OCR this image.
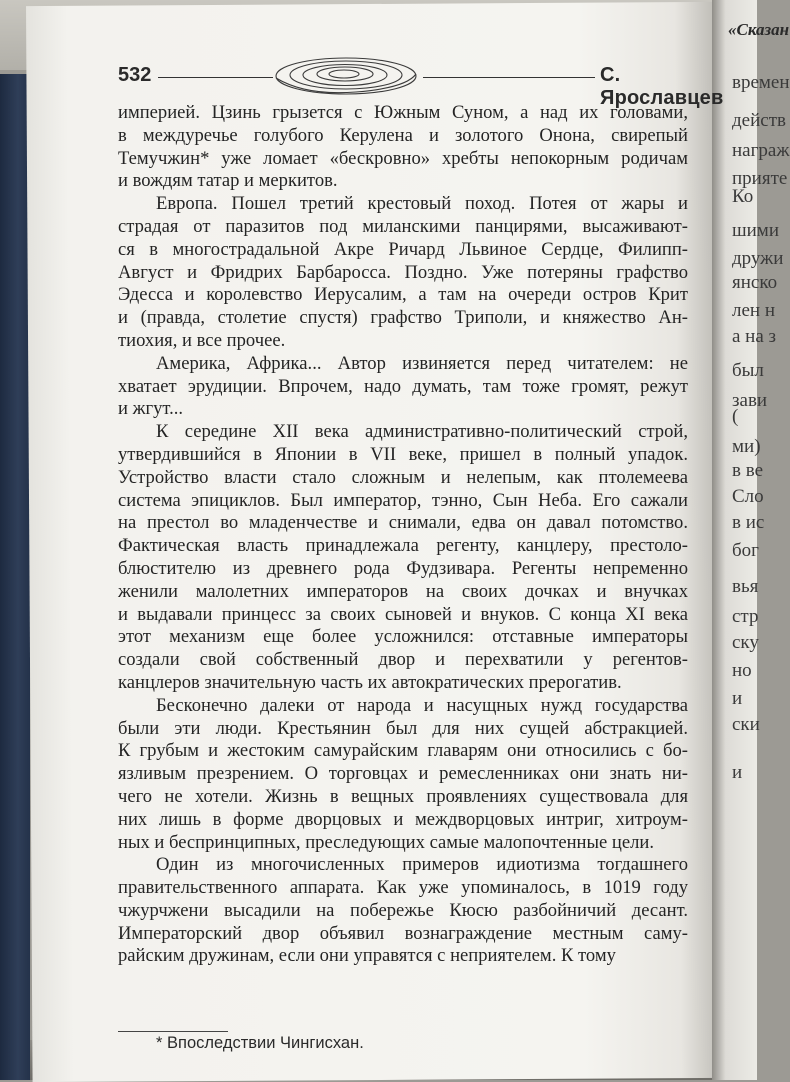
«Сказан
времен
действ
награж
прияте
Ко
шими
дружи
янско
лен н
а на з
был
зави
(
ми)
в ве
Сло
в ис
бог
вья
стр
ску
но
и
ски
и
532	С. Ярославцев
империей. Цзинь грызется с Южным Суном, а над их головами,
в междуречье голубого Керулена и золотого Онона, свирепый
Темучжин* уже ломает «бескровно» хребты непокорным родичам
и вождям татар и меркитов.
Европа. Пошел третий крестовый поход. Потея от жары и
страдая от паразитов под миланскими панцирями, высаживают-
ся в многострадальной Акре Ричард Львиное Сердце, Филипп-
Август и Фридрих Барбаросса. Поздно. Уже потеряны графство
Эдесса и королевство Иерусалим, а там на очереди остров Крит
и (правда, столетие спустя) графство Триполи, и княжество Ан-
тиохия, и все прочее.
Америка, Африка... Автор извиняется перед читателем: не
хватает эрудиции. Впрочем, надо думать, там тоже громят, режут
и жгут...
К середине XII века административно-политический строй,
утвердившийся в Японии в VII веке, пришел в полный упадок.
Устройство власти стало сложным и нелепым, как птолемеева
система эпициклов. Был император, тэнно, Сын Неба. Его сажали
на престол во младенчестве и снимали, едва он давал потомство.
Фактическая власть принадлежала регенту, канцлеру, престоло-
блюстителю из древнего рода Фудзивара. Регенты непременно
женили малолетних императоров на своих дочках и внучках
и выдавали принцесс за своих сыновей и внуков. С конца XI века
этот механизм еще более усложнился: отставные императоры
создали свой собственный двор и перехватили у регентов-
канцлеров значительную часть их автократических прерогатив.
Бесконечно далеки от народа и насущных нужд государства
были эти люди. Крестьянин был для них сущей абстракцией.
К грубым и жестоким самурайским главарям они относились с бо-
язливым презрением. О торговцах и ремесленниках они знать ни-
чего не хотели. Жизнь в вещных проявлениях существовала для
них лишь в форме дворцовых и междворцовых интриг, хитроум-
ных и беспринципных, преследующих самые малопочтенные цели.
Один из многочисленных примеров идиотизма тогдашнего
правительственного аппарата. Как уже упоминалось, в 1019 году
чжурчжени высадили на побережье Кюсю разбойничий десант.
Императорский двор объявил вознаграждение местным саму-
райским дружинам, если они управятся с неприятелем. К тому
* Впоследствии Чингисхан.
